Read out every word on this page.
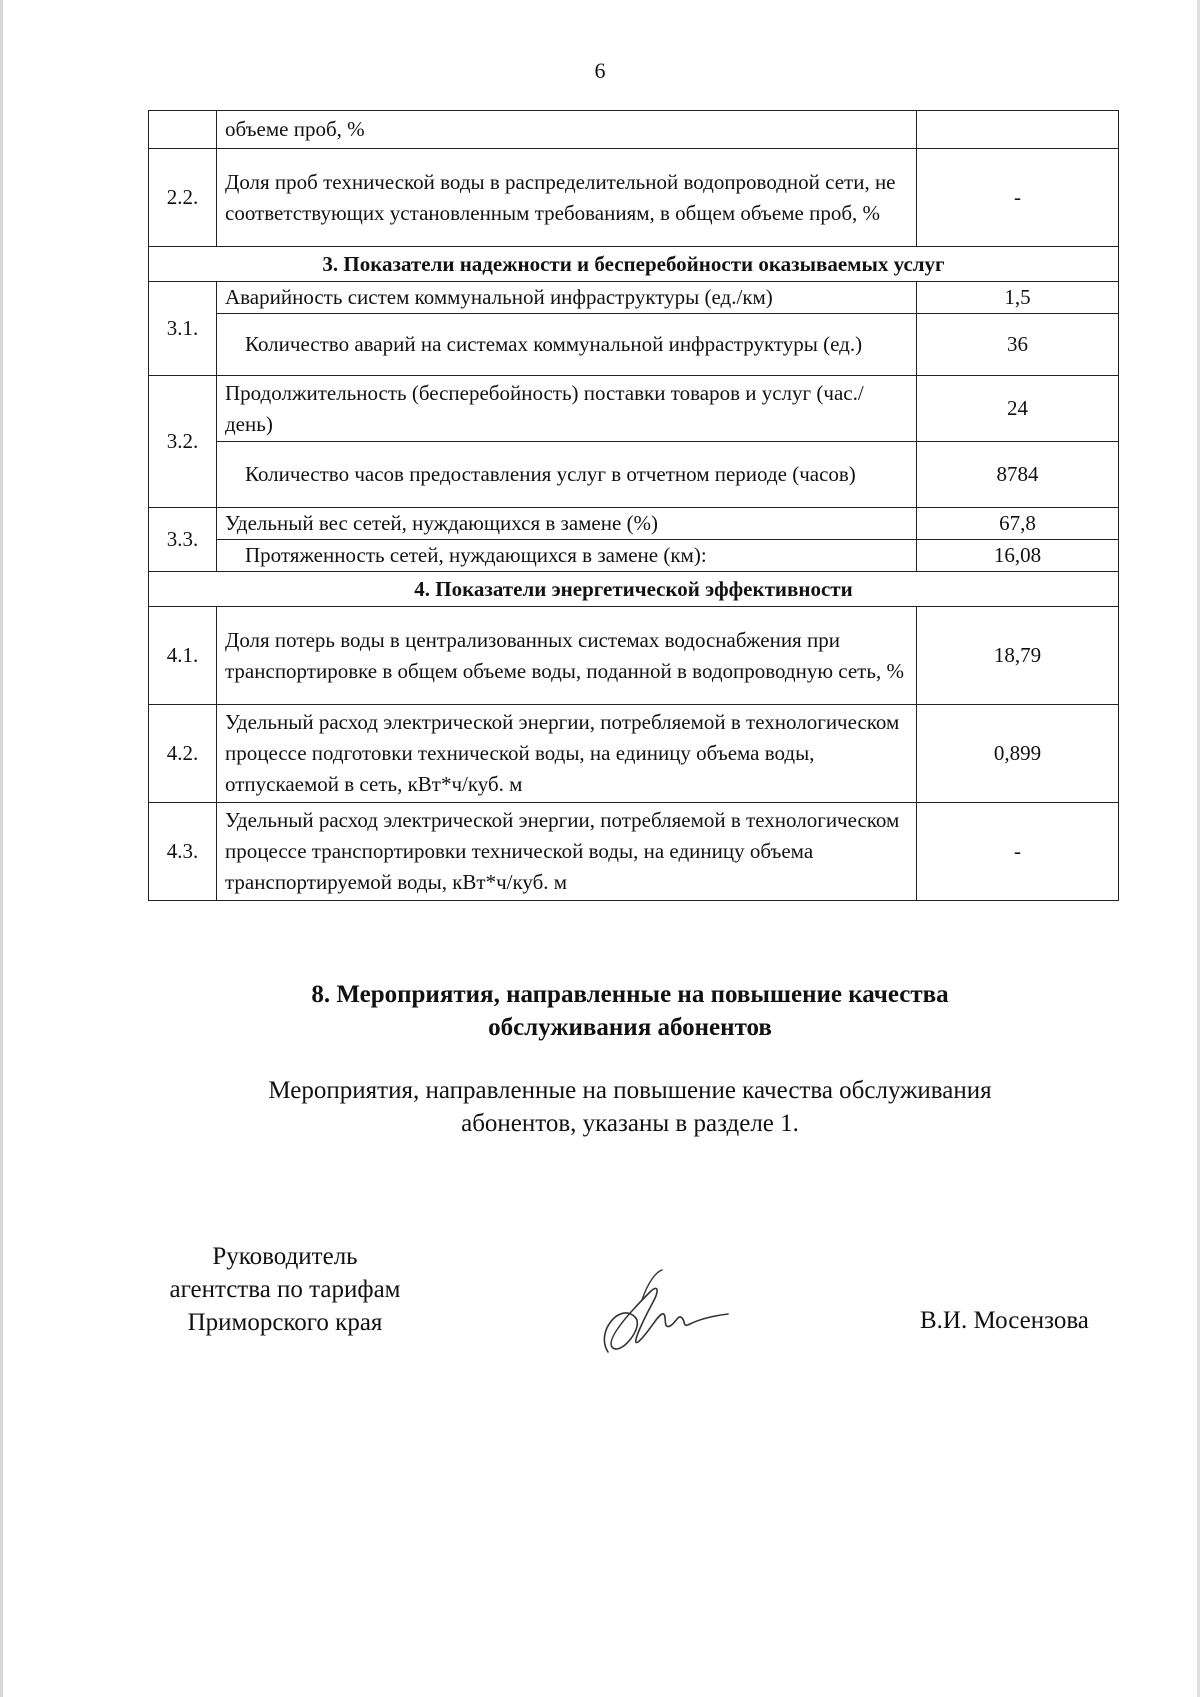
6
	объеме проб, %	
2.2.	Доля проб технической воды в распределительной водопроводной сети, не соответствующих установленным требованиям, в общем объеме проб, %	-
3. Показатели надежности и бесперебойности оказываемых услуг		
3.1.	Аварийность систем коммунальной инфраструктуры (ед./км)	1,5
	Количество аварий на системах коммунальной инфраструктуры (ед.)	36
3.2.	Продолжительность (бесперебойность) поставки товаров и услуг (час./день)	24
	Количество часов предоставления услуг в отчетном периоде (часов)	8784
3.3.	Удельный вес сетей, нуждающихся в замене (%)	67,8
	Протяженность сетей, нуждающихся в замене (км):	16,08
4. Показатели энергетической эффективности		
4.1.	Доля потерь воды в централизованных системах водоснабжения при транспортировке в общем объеме воды, поданной в водопроводную сеть, %	18,79
4.2.	Удельный расход электрической энергии, потребляемой в технологическом процессе подготовки технической воды, на единицу объема воды, отпускаемой в сеть, кВт*ч/куб. м	0,899
4.3.	Удельный расход электрической энергии, потребляемой в технологическом процессе транспортировки технической воды, на единицу объема транспортируемой воды, кВт*ч/куб. м	-
8. Мероприятия, направленные на повышение качества
обслуживания абонентов
Мероприятия, направленные на повышение качества обслуживания
абонентов, указаны в разделе 1.
Руководитель
агентства по тарифам
Приморского края	В.И. Мосензова
